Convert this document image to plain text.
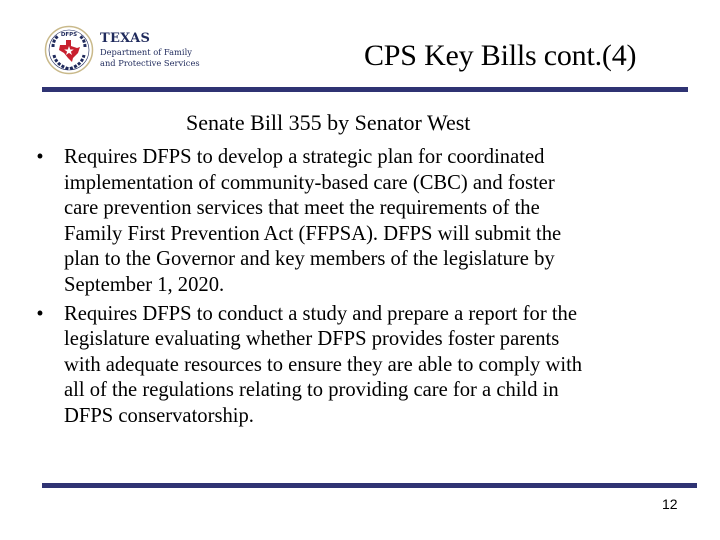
DFPS TEXAS
Department of Family
and Protective Services	CPS Key Bills cont.(4)
Senate Bill 355 by Senator West
• Requires DFPS to develop a strategic plan for coordinated
implementation of community-based care (CBC) and foster
care prevention services that meet the requirements of the
Family First Prevention Act (FFPSA). DFPS will submit the
plan to the Governor and key members of the legislature by
September 1, 2020.
• Requires DFPS to conduct a study and prepare a report for the
legislature evaluating whether DFPS provides foster parents
with adequate resources to ensure they are able to comply with
all of the regulations relating to providing care for a child in
DFPS conservatorship.
12
